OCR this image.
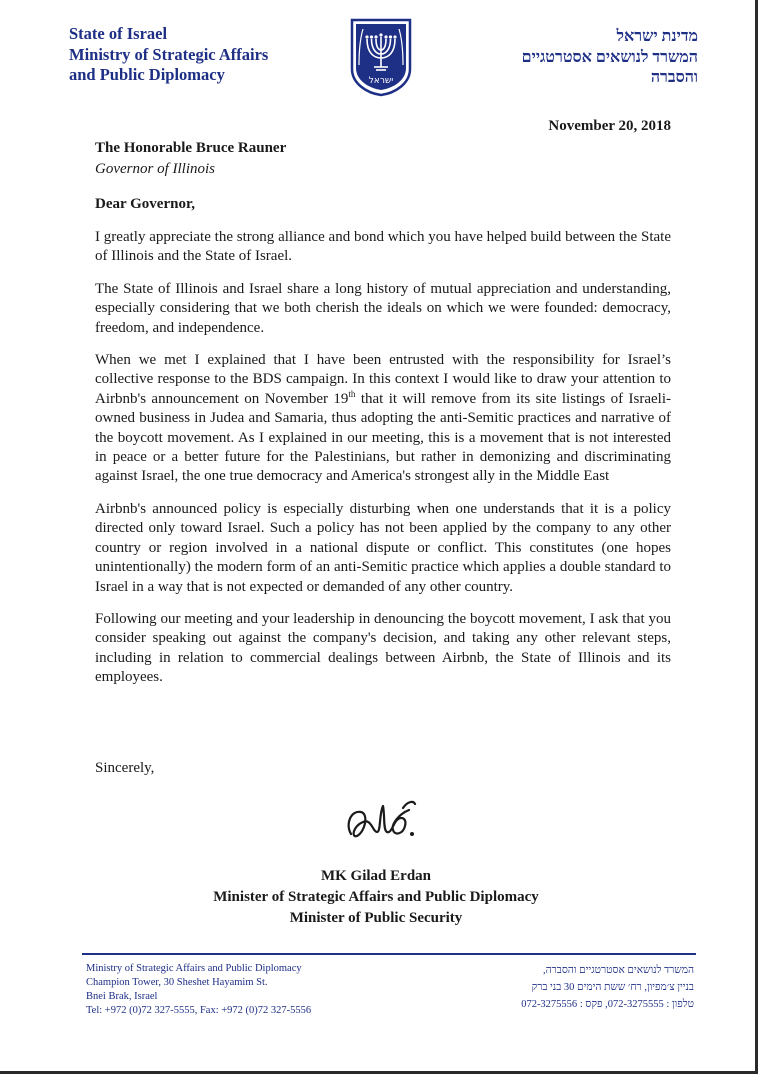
State of Israel
Ministry of Strategic Affairs
and Public Diplomacy	ישראל
מדינת ישראל
המשרד לנושאים אסטרטגיים
והסברה
November 20, 2018
The Honorable Bruce Rauner
Governor of Illinois
Dear Governor,

I greatly appreciate the strong alliance and bond which you have helped build between the State of Illinois and the State of Israel.

The State of Illinois and Israel share a long history of mutual appreciation and understanding, especially considering that we both cherish the ideals on which we were founded: democracy, freedom, and independence.

When we met I explained that I have been entrusted with the responsibility for Israel’s collective response to the BDS campaign. In this context I would like to draw your attention to Airbnb's announcement on November 19th that it will remove from its site listings of Israeli-owned business in Judea and Samaria, thus adopting the anti-Semitic practices and narrative of the boycott movement. As I explained in our meeting, this is a movement that is not interested in peace or a better future for the Palestinians, but rather in demonizing and discriminating against Israel, the one true democracy and America's strongest ally in the Middle East

Airbnb's announced policy is especially disturbing when one understands that it is a policy directed only toward Israel. Such a policy has not been applied by the company to any other country or region involved in a national dispute or conflict. This constitutes (one hopes unintentionally) the modern form of an anti-Semitic practice which applies a double standard to Israel in a way that is not expected or demanded of any other country.

Following our meeting and your leadership in denouncing the boycott movement, I ask that you consider speaking out against the company's decision, and taking any other relevant steps, including in relation to commercial dealings between Airbnb, the State of Illinois and its employees.

Sincerely,
MK Gilad Erdan
Minister of Strategic Affairs and Public Diplomacy
Minister of Public Security
Ministry of Strategic Affairs and Public Diplomacy
Champion Tower, 30 Sheshet Hayamim St.
Bnei Brak, Israel
Tel: +972 (0)72 327-5555, Fax: +972 (0)72 327-5556
המשרד לנושאים אסטרטגיים והסברה,
בניין צ׳מפיון, רח׳ ששת הימים 30 בני ברק
טלפון : 072-3275555, פקס : 072-3275556
